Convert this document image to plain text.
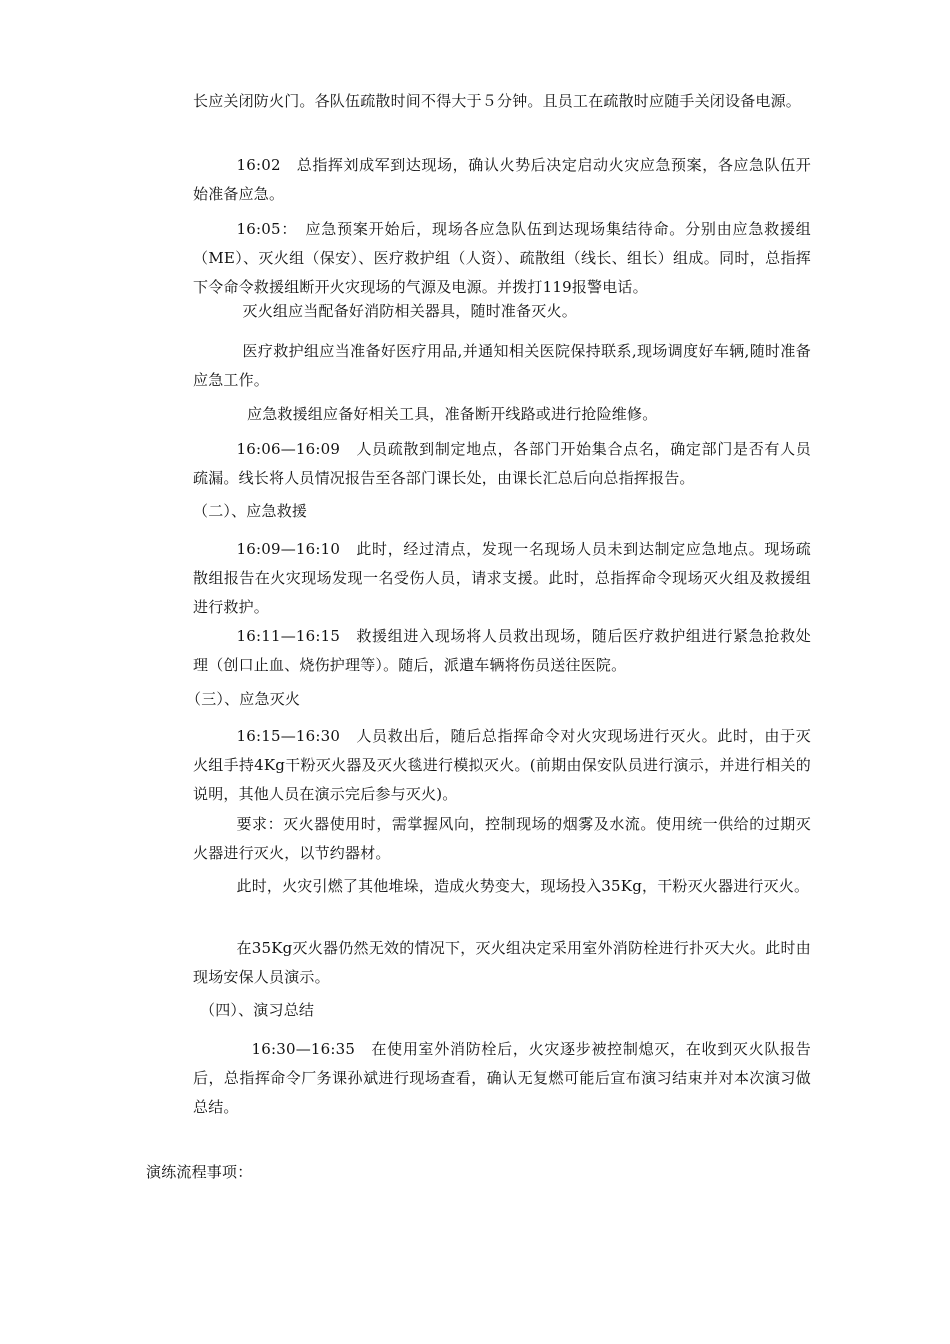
长应关闭防火门。各队伍疏散时间不得大于５分钟。且员工在疏散时应随手关闭设备电源。

16:02　总指挥刘成军到达现场，确认火势后决定启动火灾应急预案，各应急队伍开始准备应急。

16:05：　应急预案开始后，现场各应急队伍到达现场集结待命。分别由应急救援组（ME）、灭火组（保安）、医疗救护组（人资）、疏散组（线长、组长）组成。同时，总指挥下令命令救援组断开火灾现场的气源及电源。并拨打119报警电话。

灭火组应当配备好消防相关器具，随时准备灭火。

医疗救护组应当准备好医疗用品,并通知相关医院保持联系,现场调度好车辆,随时准备应急工作。

应急救援组应备好相关工具，准备断开线路或进行抢险维修。

16:06—16:09　人员疏散到制定地点，各部门开始集合点名，确定部门是否有人员疏漏。线长将人员情况报告至各部门课长处，由课长汇总后向总指挥报告。

（二）、应急救援

16:09—16:10　此时，经过清点，发现一名现场人员未到达制定应急地点。现场疏散组报告在火灾现场发现一名受伤人员，请求支援。此时，总指挥命令现场灭火组及救援组进行救护。

16:11—16:15　救援组进入现场将人员救出现场，随后医疗救护组进行紧急抢救处理（创口止血、烧伤护理等）。随后，派遣车辆将伤员送往医院。

（三）、应急灭火

16:15—16:30　人员救出后，随后总指挥命令对火灾现场进行灭火。此时，由于灭火组手持4Kg干粉灭火器及灭火毯进行模拟灭火。(前期由保安队员进行演示，并进行相关的说明，其他人员在演示完后参与灭火)。

要求：灭火器使用时，需掌握风向，控制现场的烟雾及水流。使用统一供给的过期灭火器进行灭火，以节约器材。

此时，火灾引燃了其他堆垛，造成火势变大，现场投入35Kg，干粉灭火器进行灭火。

在35Kg灭火器仍然无效的情况下，灭火组决定采用室外消防栓进行扑灭大火。此时由现场安保人员演示。

（四）、演习总结

16:30—16:35　在使用室外消防栓后，火灾逐步被控制熄灭，在收到灭火队报告后，总指挥命令厂务课孙斌进行现场查看，确认无复燃可能后宣布演习结束并对本次演习做总结。

演练流程事项：
